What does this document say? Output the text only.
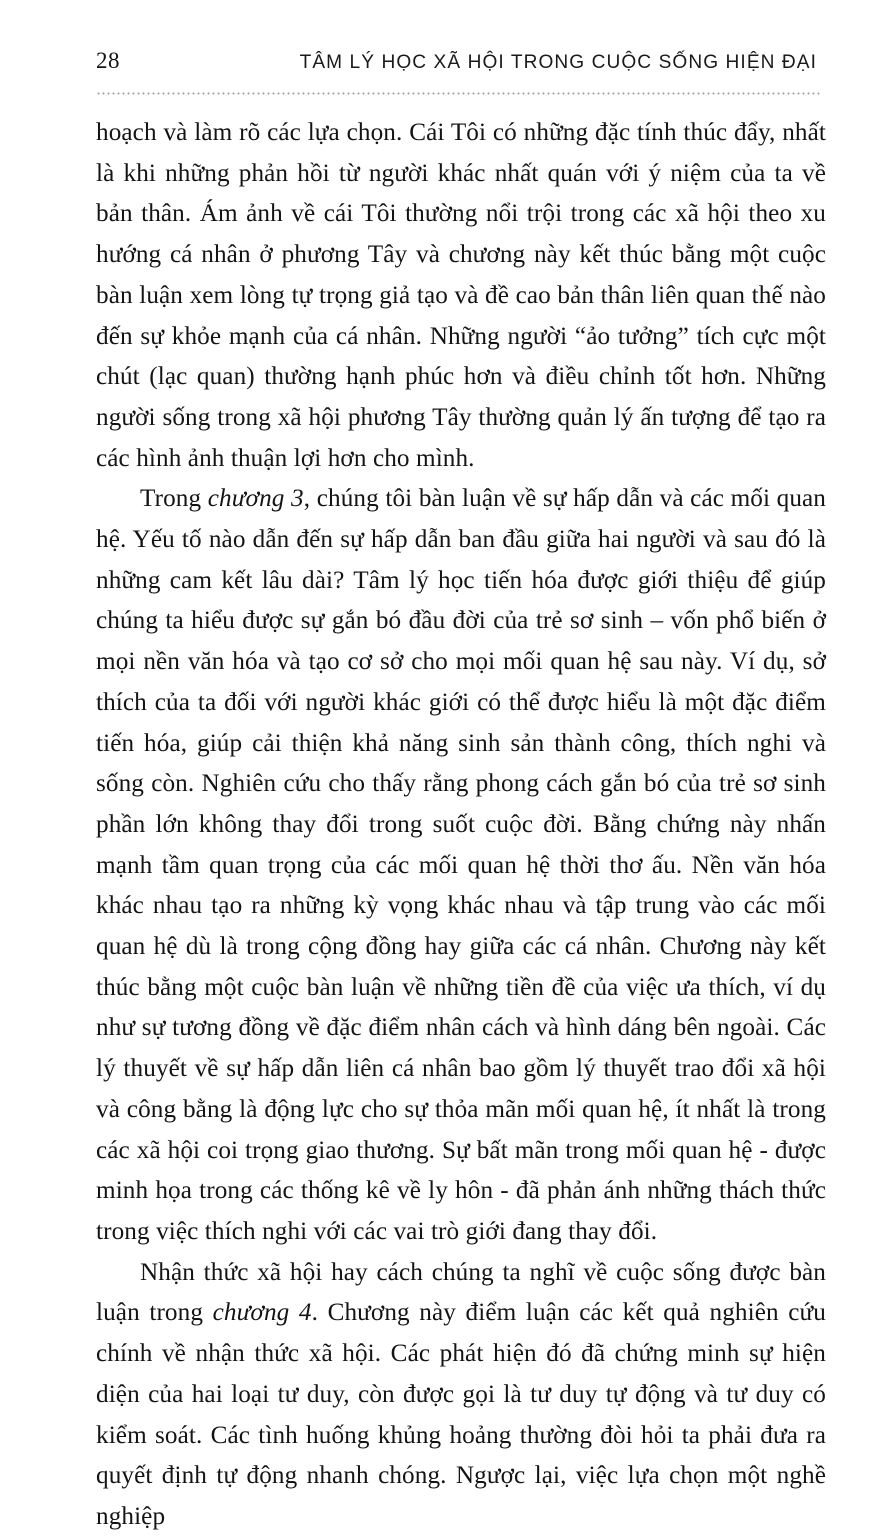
28	TÂM LÝ HỌC XÃ HỘI TRONG CUỘC SỐNG HIỆN ĐẠI

hoạch và làm rõ các lựa chọn. Cái Tôi có những đặc tính thúc đẩy, nhất là khi những phản hồi từ người khác nhất quán với ý niệm của ta về bản thân. Ám ảnh về cái Tôi thường nổi trội trong các xã hội theo xu hướng cá nhân ở phương Tây và chương này kết thúc bằng một cuộc bàn luận xem lòng tự trọng giả tạo và đề cao bản thân liên quan thế nào đến sự khỏe mạnh của cá nhân. Những người “ảo tưởng” tích cực một chút (lạc quan) thường hạnh phúc hơn và điều chỉnh tốt hơn. Những người sống trong xã hội phương Tây thường quản lý ấn tượng để tạo ra các hình ảnh thuận lợi hơn cho mình.

Trong chương 3, chúng tôi bàn luận về sự hấp dẫn và các mối quan hệ. Yếu tố nào dẫn đến sự hấp dẫn ban đầu giữa hai người và sau đó là những cam kết lâu dài? Tâm lý học tiến hóa được giới thiệu để giúp chúng ta hiểu được sự gắn bó đầu đời của trẻ sơ sinh – vốn phổ biến ở mọi nền văn hóa và tạo cơ sở cho mọi mối quan hệ sau này. Ví dụ, sở thích của ta đối với người khác giới có thể được hiểu là một đặc điểm tiến hóa, giúp cải thiện khả năng sinh sản thành công, thích nghi và sống còn. Nghiên cứu cho thấy rằng phong cách gắn bó của trẻ sơ sinh phần lớn không thay đổi trong suốt cuộc đời. Bằng chứng này nhấn mạnh tầm quan trọng của các mối quan hệ thời thơ ấu. Nền văn hóa khác nhau tạo ra những kỳ vọng khác nhau và tập trung vào các mối quan hệ dù là trong cộng đồng hay giữa các cá nhân. Chương này kết thúc bằng một cuộc bàn luận về những tiền đề của việc ưa thích, ví dụ như sự tương đồng về đặc điểm nhân cách và hình dáng bên ngoài. Các lý thuyết về sự hấp dẫn liên cá nhân bao gồm lý thuyết trao đổi xã hội và công bằng là động lực cho sự thỏa mãn mối quan hệ, ít nhất là trong các xã hội coi trọng giao thương. Sự bất mãn trong mối quan hệ - được minh họa trong các thống kê về ly hôn - đã phản ánh những thách thức trong việc thích nghi với các vai trò giới đang thay đổi.

Nhận thức xã hội hay cách chúng ta nghĩ về cuộc sống được bàn luận trong chương 4. Chương này điểm luận các kết quả nghiên cứu chính về nhận thức xã hội. Các phát hiện đó đã chứng minh sự hiện diện của hai loại tư duy, còn được gọi là tư duy tự động và tư duy có kiểm soát. Các tình huống khủng hoảng thường đòi hỏi ta phải đưa ra quyết định tự động nhanh chóng. Ngược lại, việc lựa chọn một nghề nghiệp
